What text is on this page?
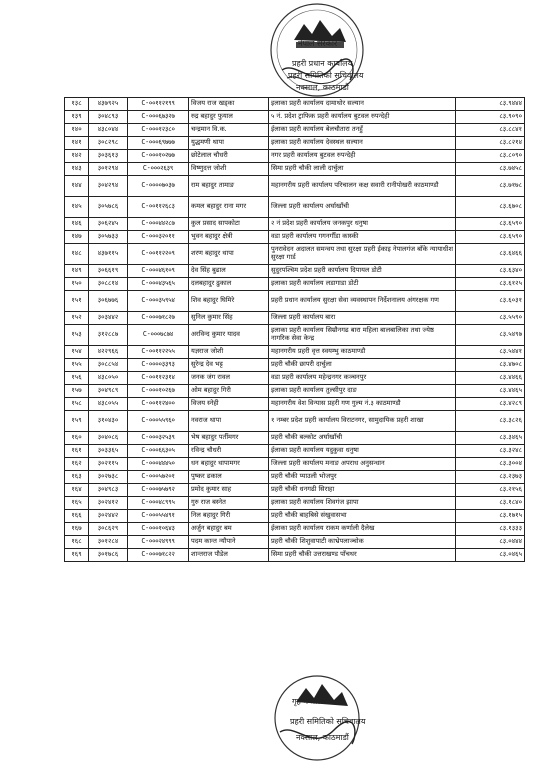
नेपाल सरकार
प्रहरी प्रधान कार्यालय
प्रहरी समितिको सचिवालय
नक्साल, काठमाडौं
१३८	४३७९२५	C-००११२१९९	विजय राज खड्का	इलाका प्रहरी कार्यालय दामाथोर सल्यान	८३.९४४४
१३९	३०४८९३	C-०००६७३२७	रुद्र बहादुर फुयाल	५ नं. प्रदेश ट्राफिक प्रहरी कार्यालय बुटवल रुपन्देही	८३.९०९०
१४०	४३८०४४	C-०००१२३८०	चन्द्रमान वि.क.	ईलाका प्रहरी कार्यालय बेलचौतारा तनहुँ	८३.८८४१
१४१	३०८२९८	C-०००६९७७७	युद्धमणी थापा	इलाका प्रहरी कार्यालय देवस्थल सल्यान	८३.८२१४
१४२	३०३६१३	C-०००१०२७७	छोटेलाल चौधरी	नगर प्रहरी कार्यालय बुटवल रुपन्देही	८३.८०९०
१४३	३०१२९४	C-०००२६३९	विष्णुदत्त जोशी	सिमा प्रहरी चौकी लाली दार्चुला	८३.७४५८
१४४	३०४२९४	C-००००७०३७	राम बहादुर तामाङ	महानगरीय प्रहरी कार्यालय परिचालन कक्ष सवारी रानीपोखरी काठमाण्डौ	८३.७१७८
१४५	३०५७८६	C-००११२६८३	कमल बहादुर राना मगर	जिल्ला प्रहरी कार्यालय अर्घाखाँची	८३.६७०८
१४६	३०६२४५	C-०००४४२८७	कुल प्रसाद सापकोटा	२ नं प्रदेश प्रहरी कार्यालय जनकपुर धनुषा	८३.६५९०
१४७	३०५७३३	C-०००३२०११	भुवन बहादुर क्षेत्री	वडा प्रहरी कार्यालय गगनगौँडा कास्की	८३.६५९०
१४८	४३७११५	C-००११२२०९	शरण बहादुर थापा	पुनरावेदन अदालत समन्वय तथा सुरक्षा प्रहरी ईकाइ नेपालगंज बाँके न्यायाधीश सुरक्षा गार्ड	८३.६४६६
१४९	३०६६१९	C-०००४६१०९	देव सिंह बुढाल	सुदुरपश्चिम प्रदेश प्रहरी कार्यालय दिपायल डोटी	८३.६३४०
१५०	३०८८१४	C-०००४३५६५	दलबहादुर ढुकाल	इलाका प्रहरी कार्यालय लडागाडा डोटी	८३.६१२५
१५१	३०६७७६	C-०००३५९५४	शिव बहादुर घिमिरे	प्रहरी प्रधान कार्यालय सुरक्षा सेवा व्यवस्थापन निर्देशनालय अंगरक्षक गण	८३.६०३१
१५२	३०३४४२	C-०००७१८२७	सुनिल कुमार सिंह	जिल्ला प्रहरी कार्यालय बारा	८३.५५९०
१५३	३१२८८७	C-०००७८७४	अरविन्द कुमार यादव	इलाका प्रहरी कार्यालय सिम्रौनगढ बारा महिला बालबालिका तथा ज्येष्ठ नागरिक सेवा केन्द्र	८३.५४९७
१५४	४२२९६६	C-००११२२५५	यज्ञराज जोशी	महानगरीय प्रहरी वृत्त स्वयम्भु काठमाण्डौ	८३.५४४१
१५५	३०८८५४	C-००००३३९३	सुरेन्द्र देव भट्ट	प्रहरी चौकी छापरी दार्चुला	८३.४७०८
१५६	४३८०५०	C-००११२३१४	जनक जंग रावल	वडा प्रहरी कार्यालय महेन्द्रनगर कञ्चनपुर	८३.४४६६
१५७	३०४९८९	C-०००१०२६७	ओम बहादुर गिरी	इलाका प्रहरी कार्यालय तुल्सीपुर दाङ	८३.४४६५
१५८	४३८०५५	C-००११२४००	विजय स्नेही	महानगरीय वेश विन्यास प्रहरी गण गुल्म नं.३ काठमाण्डौ	८३.४२८९
१५९	३१०४३०	C-०००५५९६०	नवराज थापा	१ नम्बर प्रदेश प्रहरी कार्यालय विराटनगर, सामुदायिक प्रहरी शाखा	८३.३८२६
१६०	३०४०८६	C-०००३२५३९	भेष बहादुर पर्तीमगर	प्रहरी चौकी बल्कोट अर्घाखाँची	८३.३४६५
१६१	३०३३६५	C-०००६६३०५	रविन्द्र चौधरी	ईलाका प्रहरी कार्यालय यदुकुवा धनुषा	८३.३२४८
१६२	३०२११५	C-०००४४४५०	धन बहादुर थापामगर	जिल्ला प्रहरी कार्यालय मनाङ अपराध अनुसन्धान	८३.३००४
१६३	३०२७३८	C-०००५७२०१	पुष्कर ढकाल	प्रहरी चौकी प्याउली भोजपुर	८३.२३७३
१६४	३०४९८३	C-०००७५७९२	प्रमोद कुमार साह	प्रहरी चौकी धनगढी सिराहा	८३.२१५६
१६५	३०२४१२	C-०००४८९९५	गुरु राज बस्नेत	इलाका प्रहरी कार्यालय शिवगंज झापा	८३.१८४०
१६६	३०२४४२	C-०००५५४९१	निल बहादुर गिरी	प्रहरी चौकी बाहबिसे संखुवासभा	८३.१७१५
१६७	३०८६२९	C-०००१०६४३	अर्जुन बहादुर बम	ईलाका प्रहरी कार्यालय राकम कर्णाली दैलेख	८३.१३३३
१६८	३०१२८४	C-०००२४९९९	पदम कान्त न्यौपाने	प्रहरी चौकी शिशुवापाटी काभ्रेपलाञ्चोक	८३.०४४४
१६९	३०१७८६	C-०००७१८२२	शान्तराज पौडेल	सिमा प्रहरी चौकी उत्तराखण्ड पाँचथर	८३.०४६५
गृह मन्त्रालय
प्रहरी समितिको सचिवालय
नक्साल, काठमाडौं
